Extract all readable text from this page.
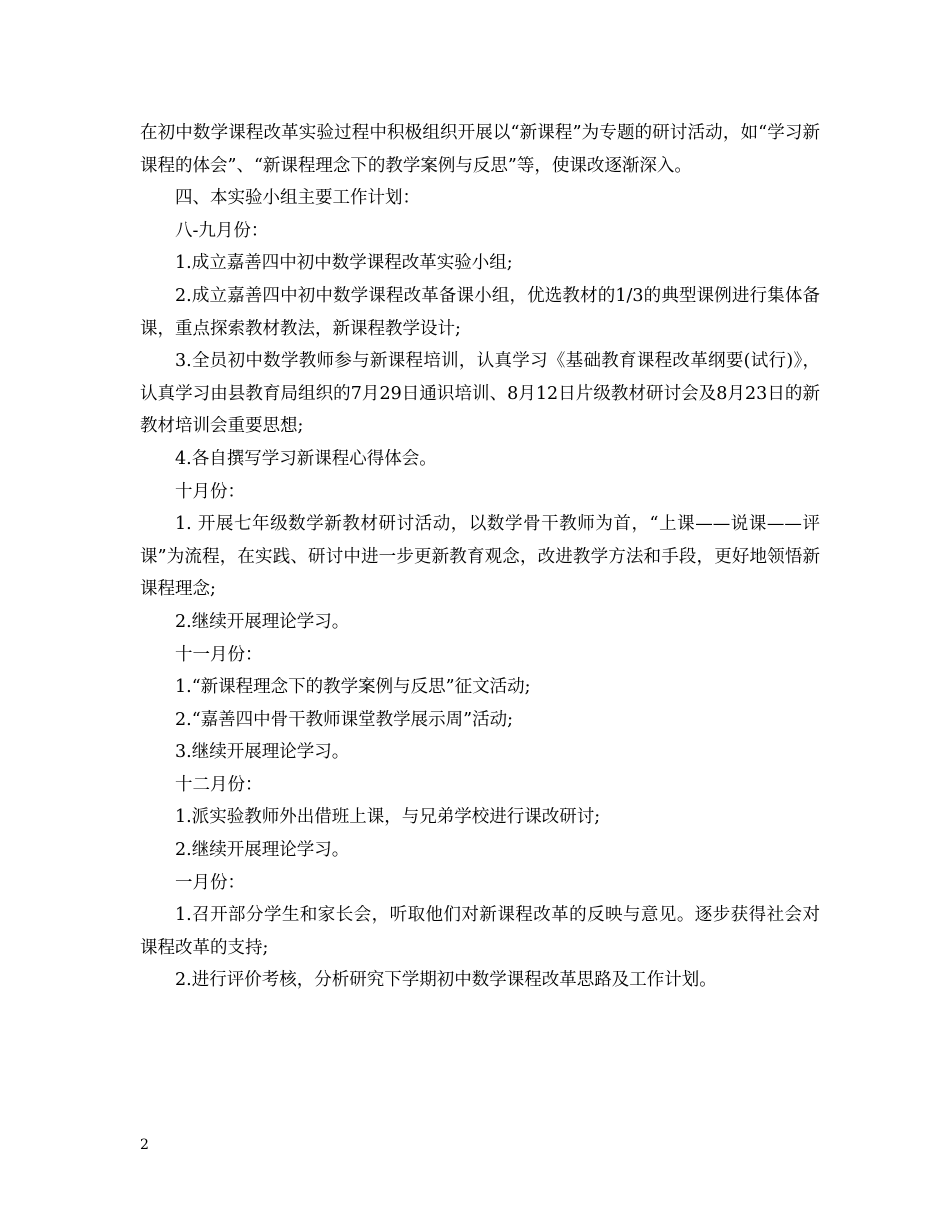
在初中数学课程改革实验过程中积极组织开展以“新课程”为专题的研讨活动，如“学习新课程的体会”、“新课程理念下的教学案例与反思”等，使课改逐渐深入。

四、本实验小组主要工作计划：

八-九月份：

1.成立嘉善四中初中数学课程改革实验小组;

2.成立嘉善四中初中数学课程改革备课小组，优选教材的1/3的典型课例进行集体备课，重点探索教材教法，新课程教学设计;

3.全员初中数学教师参与新课程培训，认真学习《基础教育课程改革纲要(试行)》，认真学习由县教育局组织的7月29日通识培训、8月12日片级教材研讨会及8月23日的新教材培训会重要思想;

4.各自撰写学习新课程心得体会。

十月份：

1. 开展七年级数学新教材研讨活动，以数学骨干教师为首，“上课——说课——评课”为流程，在实践、研讨中进一步更新教育观念，改进教学方法和手段，更好地领悟新课程理念;

2.继续开展理论学习。

十一月份：

1.“新课程理念下的教学案例与反思”征文活动;

2.“嘉善四中骨干教师课堂教学展示周”活动;

3.继续开展理论学习。

十二月份：

1.派实验教师外出借班上课，与兄弟学校进行课改研讨;

2.继续开展理论学习。

一月份：

1.召开部分学生和家长会，听取他们对新课程改革的反映与意见。逐步获得社会对课程改革的支持;

2.进行评价考核，分析研究下学期初中数学课程改革思路及工作计划。

2
